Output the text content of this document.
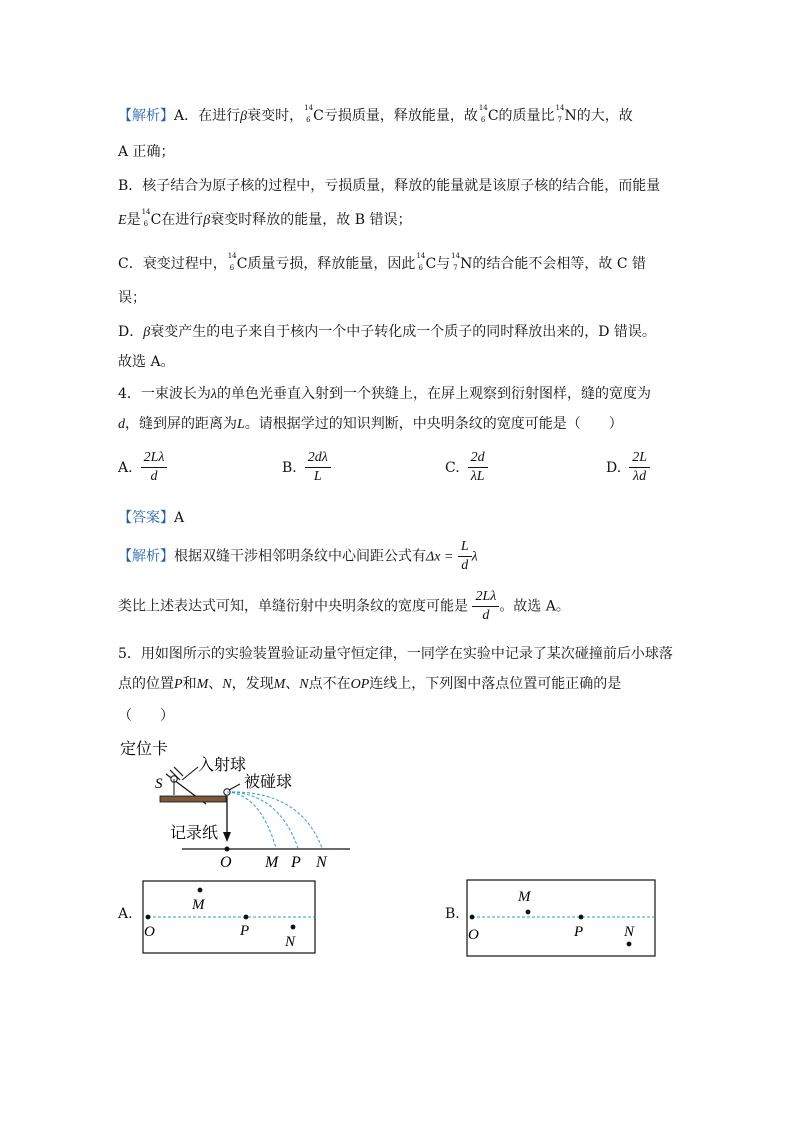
【解析】A．在进行β衰变时， 14
6 C亏损质量，释放能量，故 14
6 C的质量比 14
7 N的大，故
A 正确；
B．核子结合为原子核的过程中，亏损质量，释放的能量就是该原子核的结合能，而能量
E是 14
6 C在进行β衰变时释放的能量，故 B 错误；
C．衰变过程中， 14
6 C质量亏损，释放能量，因此 14
6 C与 14
7 N的结合能不会相等，故 C 错
误；
D．β衰变产生的电子来自于核内一个中子转化成一个质子的同时释放出来的，D 错误。
故选 A。
4．一束波长为λ的单色光垂直入射到一个狭缝上，在屏上观察到衍射图样，缝的宽度为
d，缝到屏的距离为L。请根据学过的知识判断，中央明条纹的宽度可能是（　　）
A. $\frac{2L\lambda}{d}$	B. $\frac{2d\lambda}{L}$	C. $\frac{2d}{\lambda L}$	D. $\frac{2L}{\lambda d}$
【答案】A
【解析】根据双缝干涉相邻明条纹中心间距公式有$\Delta x = \frac{L}{d}$ λ
类比上述表达式可知，单缝衍射中央明条纹的宽度可能是 $\frac{2L\lambda}{d}$ 。故选 A。
5．用如图所示的实验装置验证动量守恒定律，一同学在实验中记录了某次碰撞前后小球落
点的位置P和M、N，发现M、N点不在OP连线上，下列图中落点位置可能正确的是
（　　）
定位卡
入射球
S	被碰球
记录纸
O M P N
A.
O
M
P
N
B.
O
M
P	N
